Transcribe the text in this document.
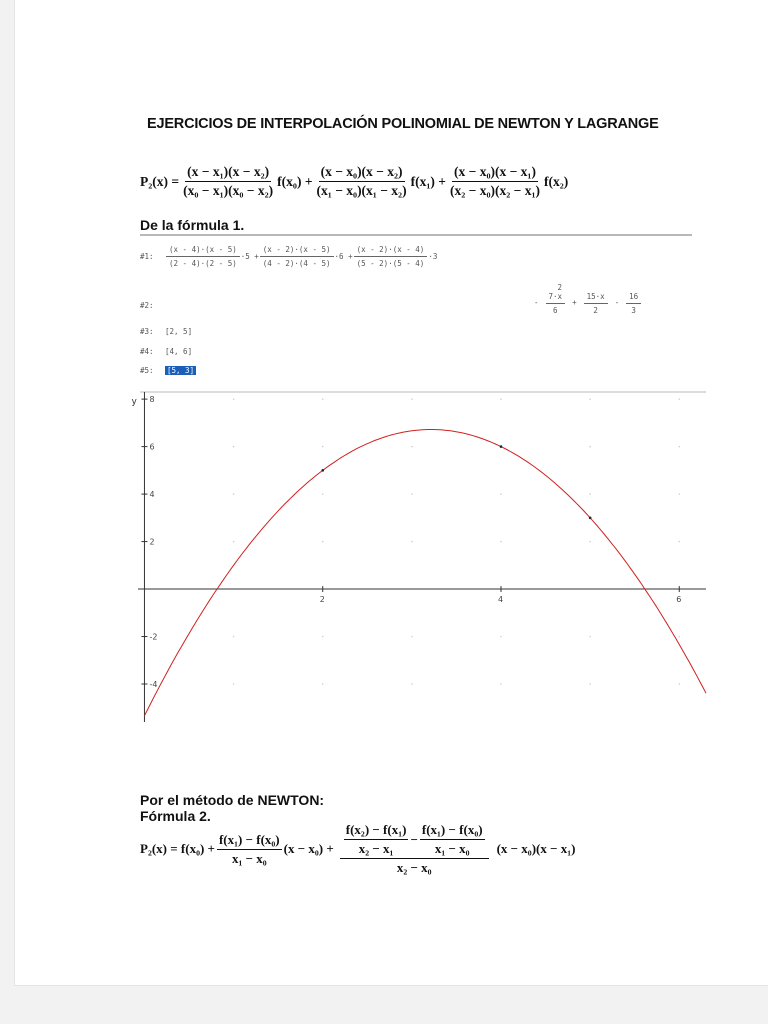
EJERCICIOS DE INTERPOLACIÓN POLINOMIAL DE NEWTON Y LAGRANGE
$P_2(x) = \frac{\text{(x − x₁)(x − x₂)}}{\text{(x₀ − x₁)(x₀ − x₂)}} f(x_0) + \frac{\text{(x − x₀)(x − x₂)}}{\text{(x₁ − x₀)(x₁ − x₂)}} f(x_1) + \frac{\text{(x − x₀)(x − x₁)}}{\text{(x₂ − x₀)(x₂ − x₁)}} f(x_2)$
De la fórmula 1.
#1:	$\frac{(x - 4)\cdot(x - 5)}{(2 - 4)\cdot(2 - 5)} \cdot 5 + \frac{(x - 2)\cdot(x - 5)}{(4 - 2)\cdot(4 - 5)} \cdot 6 + \frac{(x - 2)\cdot(x - 4)}{(5 - 2)\cdot(5 - 4)} \cdot 3$
#2:	-
2
$\frac{7\cdot x}{6} + \frac{15\cdot x}{2} - \frac{16}{3}$
#3: [2, 5]
#4: [4, 6]
#5: [5, 3]
y
2	4	6
-4
-2
2
4
6
8
Por el método de NEWTON:
Fórmula 2.
$P_2(x) = f(x_0) + \frac{\text{f(x₁) − f(x₀)}}{\text{x₁ − x₀}} (x - x_0) + \frac{\text{f(x₂) − f(x₁)}}{\text{x₂ − x₁}} - \frac{\text{f(x₁) − f(x₀)}}{\text{x₁ − x₀}}$
x₂ − x₀
(x − x₀)(x − x₁)
